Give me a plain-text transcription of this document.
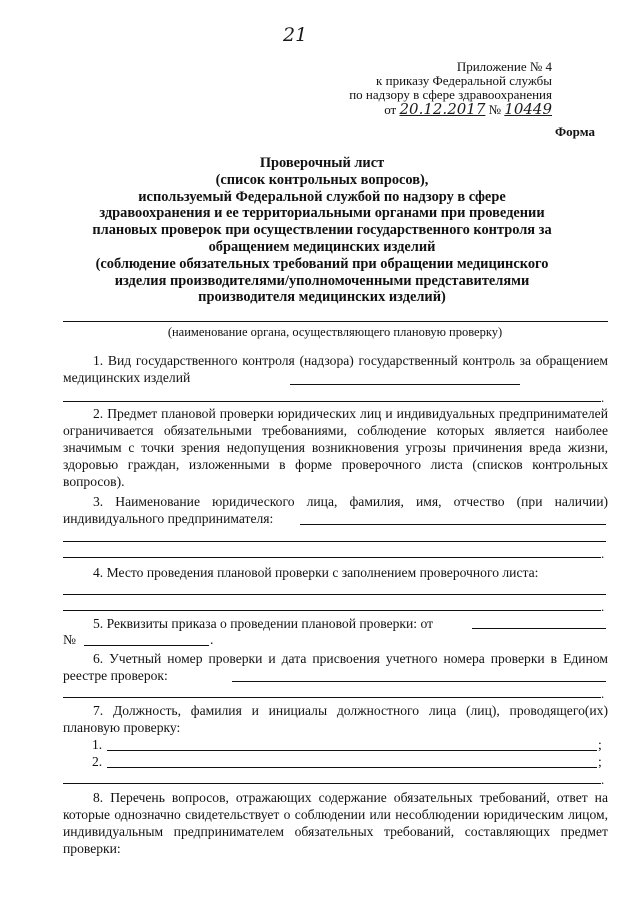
21
Приложение № 4
к приказу Федеральной службы
по надзору в сфере здравоохранения
от 20.12.2017 № 10449
Форма
Проверочный лист
(список контрольных вопросов),
используемый Федеральной службой по надзору в сфере
здравоохранения и ее территориальными органами при проведении
плановых проверок при осуществлении государственного контроля за
обращением медицинских изделий
(соблюдение обязательных требований при обращении медицинского
изделия производителями/уполномоченными представителями
производителя медицинских изделий)
(наименование органа, осуществляющего плановую проверку)
1. Вид государственного контроля (надзора) государственный контроль за обращением медицинских изделий
.
2. Предмет плановой проверки юридических лиц и индивидуальных предпринимателей ограничивается обязательными требованиями, соблюдение которых является наиболее значимым с точки зрения недопущения возникновения угрозы причинения вреда жизни, здоровью граждан, изложенными в форме проверочного листа (списков контрольных вопросов).
3. Наименование юридического лица, фамилия, имя, отчество (при наличии) индивидуального предпринимателя:
.
4. Место проведения плановой проверки с заполнением проверочного листа:
.
5. Реквизиты приказа о проведении плановой проверки: от
№	.
6. Учетный номер проверки и дата присвоения учетного номера проверки в Едином реестре проверок:
.
7. Должность, фамилия и инициалы должностного лица (лиц), проводящего(их) плановую проверку:
1.	;
2.	;
.
8. Перечень вопросов, отражающих содержание обязательных требований, ответ на которые однозначно свидетельствует о соблюдении или несоблюдении юридическим лицом, индивидуальным предпринимателем обязательных требований, составляющих предмет проверки:
